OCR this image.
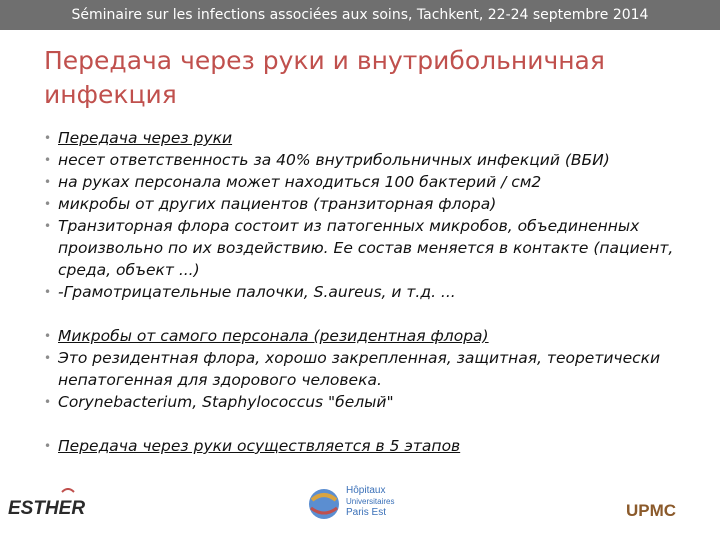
Séminaire sur les infections associées aux soins, Tachkent, 22-24 septembre 2014
Передача через руки и внутрибольничная инфекция
• Передача через руки
• несет ответственность за 40% внутрибольничных инфекций (ВБИ)
• на руках персонала может находиться 100 бактерий / см2
• микробы от других пациентов (транзиторная флора)
• Транзиторная флора состоит из патогенных микробов, объединенных произвольно по их воздействию. Ее состав меняется в контакте (пациент, среда, объект ...)
• -Грамотрицательные палочки, S.aureus, и т.д. ...
• Микробы от самого персонала (резидентная флора)
• Это резидентная флора, хорошо закрепленная, защитная, теоретически непатогенная для здорового человека.
• Corynebacterium, Staphylococcus "белый"
• Передача через руки осуществляется в 5 этапов
ESTHER
Hôpitaux
Universitaires
Paris Est	UPMC
